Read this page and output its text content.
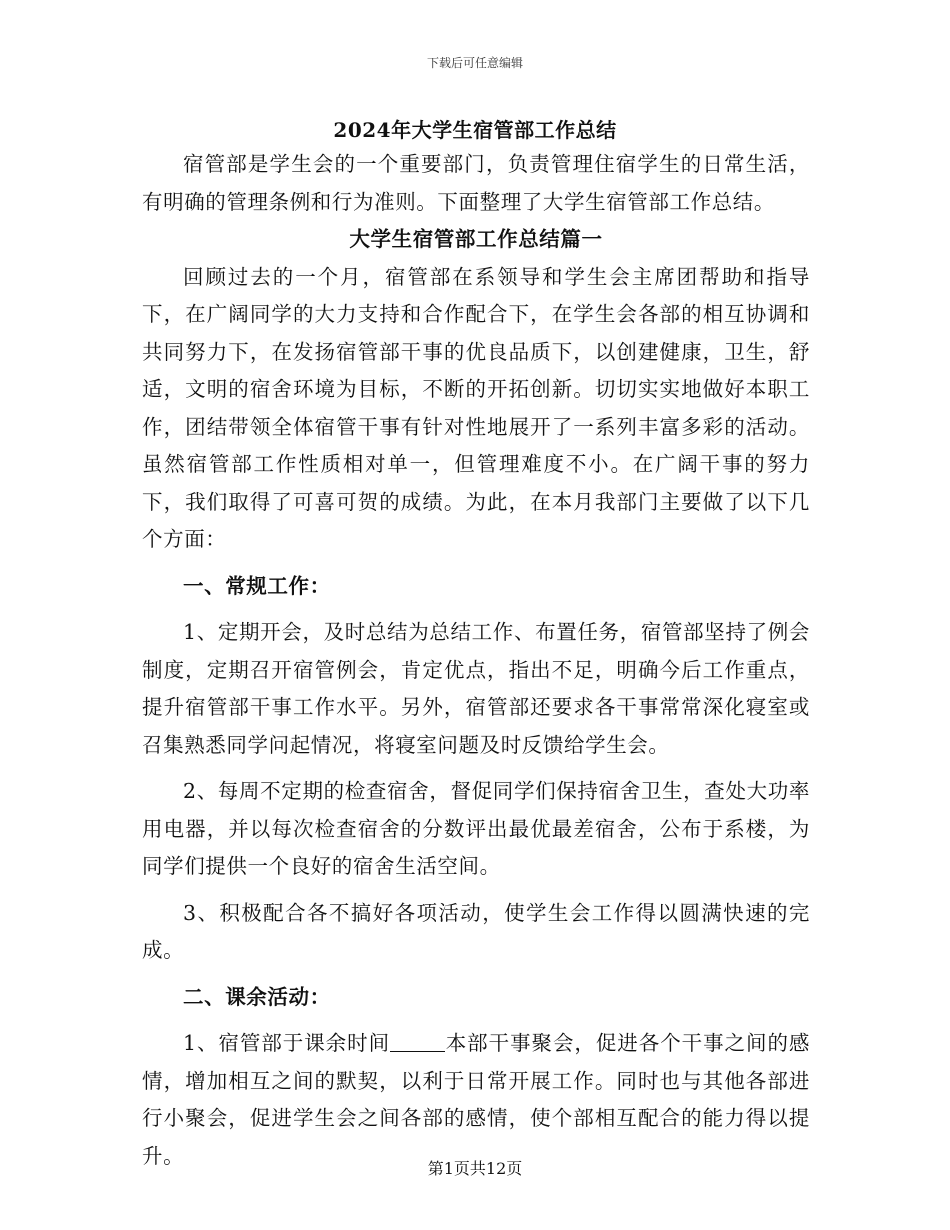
下载后可任意编辑
2024年大学生宿管部工作总结

宿管部是学生会的一个重要部门，负责管理住宿学生的日常生活，有明确的管理条例和行为准则。下面整理了大学生宿管部工作总结。

大学生宿管部工作总结篇一

回顾过去的一个月，宿管部在系领导和学生会主席团帮助和指导下，在广阔同学的大力支持和合作配合下，在学生会各部的相互协调和共同努力下，在发扬宿管部干事的优良品质下，以创建健康，卫生，舒适，文明的宿舍环境为目标，不断的开拓创新。切切实实地做好本职工作，团结带领全体宿管干事有针对性地展开了一系列丰富多彩的活动。虽然宿管部工作性质相对单一，但管理难度不小。在广阔干事的努力下，我们取得了可喜可贺的成绩。为此，在本月我部门主要做了以下几个方面：

一、常规工作：

1、定期开会，及时总结为总结工作、布置任务，宿管部坚持了例会制度，定期召开宿管例会，肯定优点，指出不足，明确今后工作重点，提升宿管部干事工作水平。另外，宿管部还要求各干事常常深化寝室或召集熟悉同学问起情况，将寝室问题及时反馈给学生会。

2、每周不定期的检查宿舍，督促同学们保持宿舍卫生，查处大功率用电器，并以每次检查宿舍的分数评出最优最差宿舍，公布于系楼，为同学们提供一个良好的宿舍生活空间。

3、积极配合各不搞好各项活动，使学生会工作得以圆满快速的完成。

二、课余活动：

1、宿管部于课余时间	本部干事聚会，促进各个干事之间的感情，增加相互之间的默契，以利于日常开展工作。同时也与其他各部进行小聚会，促进学生会之间各部的感情，使个部相互配合的能力得以提升。

第1页共12页
